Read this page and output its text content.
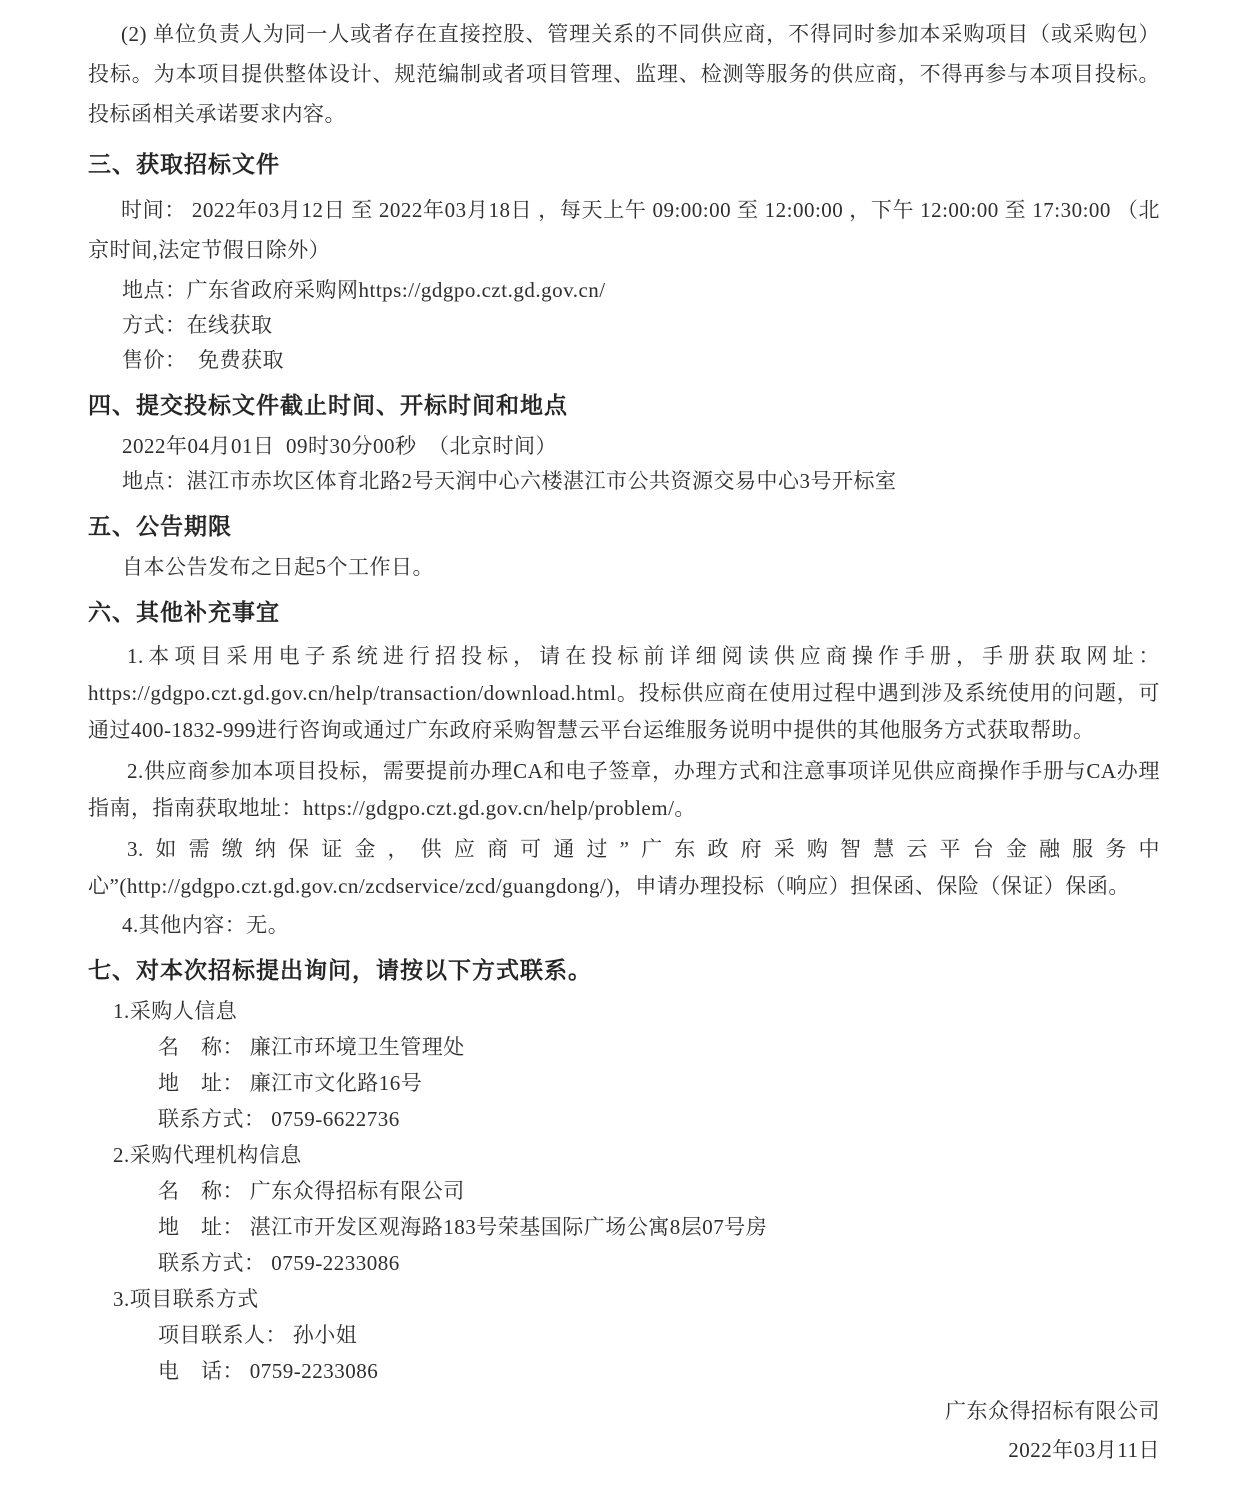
(2) 单位负责人为同一人或者存在直接控股、管理关系的不同供应商，不得同时参加本采购项目（或采购包）投标。为本项目提供整体设计、规范编制或者项目管理、监理、检测等服务的供应商，不得再参与本项目投标。投标函相关承诺要求内容。

三、获取招标文件

时间： 2022年03月12日 至 2022年03月18日 ，每天上午 09:00:00 至 12:00:00 ，下午 12:00:00 至 17:30:00 （北京时间,法定节假日除外）

地点：广东省政府采购网https://gdgpo.czt.gd.gov.cn/

方式：在线获取

售价：  免费获取

四、提交投标文件截止时间、开标时间和地点

2022年04月01日  09时30分00秒  （北京时间）

地点：湛江市赤坎区体育北路2号天润中心六楼湛江市公共资源交易中心3号开标室

五、公告期限

自本公告发布之日起5个工作日。

六、其他补充事宜

1.本项目采用电子系统进行招投标，请在投标前详细阅读供应商操作手册，手册获取网址：https://gdgpo.czt.gd.gov.cn/help/transaction/download.html。投标供应商在使用过程中遇到涉及系统使用的问题，可通过400-1832-999进行咨询或通过广东政府采购智慧云平台运维服务说明中提供的其他服务方式获取帮助。

2.供应商参加本项目投标，需要提前办理CA和电子签章，办理方式和注意事项详见供应商操作手册与CA办理指南，指南获取地址：https://gdgpo.czt.gd.gov.cn/help/problem/。

3.如需缴纳保证金，供应商可通过”广东政府采购智慧云平台金融服务中心”(http://gdgpo.czt.gd.gov.cn/zcdservice/zcd/guangdong/)，申请办理投标（响应）担保函、保险（保证）保函。

4.其他内容：无。

七、对本次招标提出询问，请按以下方式联系。

1.采购人信息

名　称： 廉江市环境卫生管理处

地　址： 廉江市文化路16号

联系方式： 0759-6622736

2.采购代理机构信息

名　称： 广东众得招标有限公司

地　址： 湛江市开发区观海路183号荣基国际广场公寓8层07号房

联系方式： 0759-2233086

3.项目联系方式

项目联系人： 孙小姐

电　话： 0759-2233086

广东众得招标有限公司

2022年03月11日
